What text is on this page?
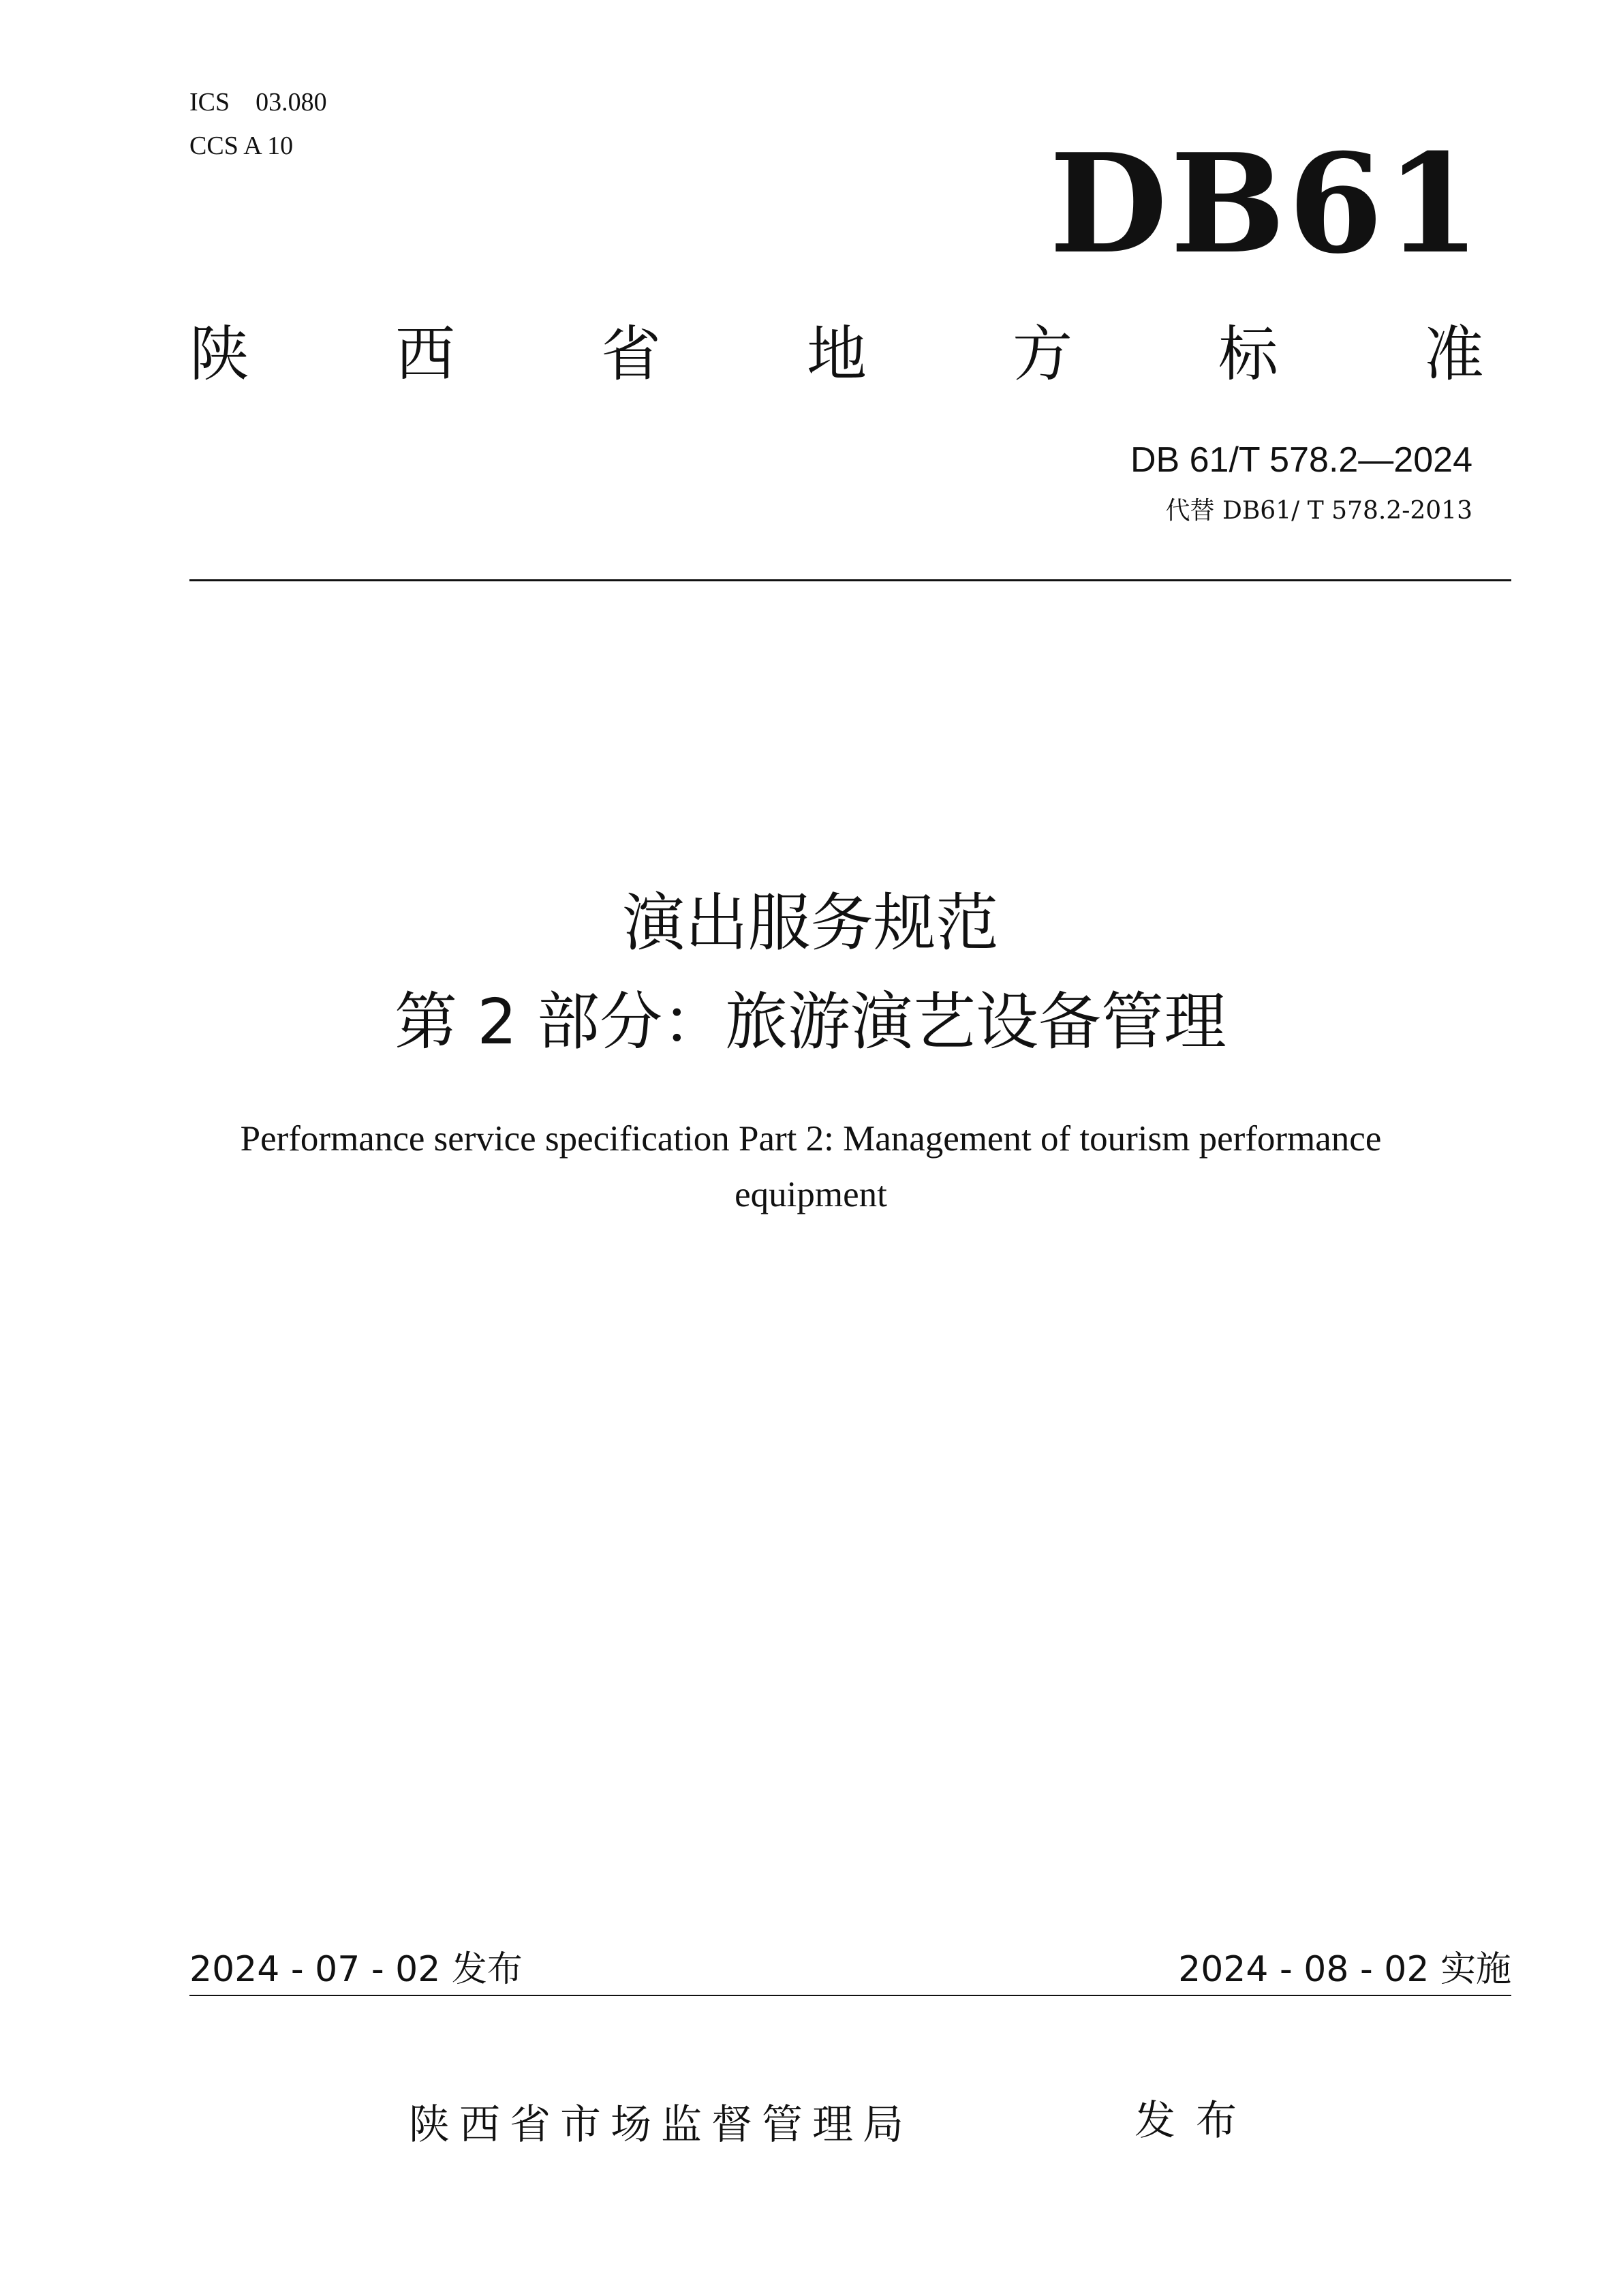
ICS　03.080
CCS A 10	DB61
陕 西 省 地 方 标 准
DB 61/T 578.2—2024
代替 DB61/ T 578.2-2013
演出服务规范
第 2 部分：旅游演艺设备管理
Performance service specification Part 2: Management of tourism performance equipment
2024 - 07 - 02 发布	2024 - 08 - 02 实施
陕西省市场监督管理局	发布
